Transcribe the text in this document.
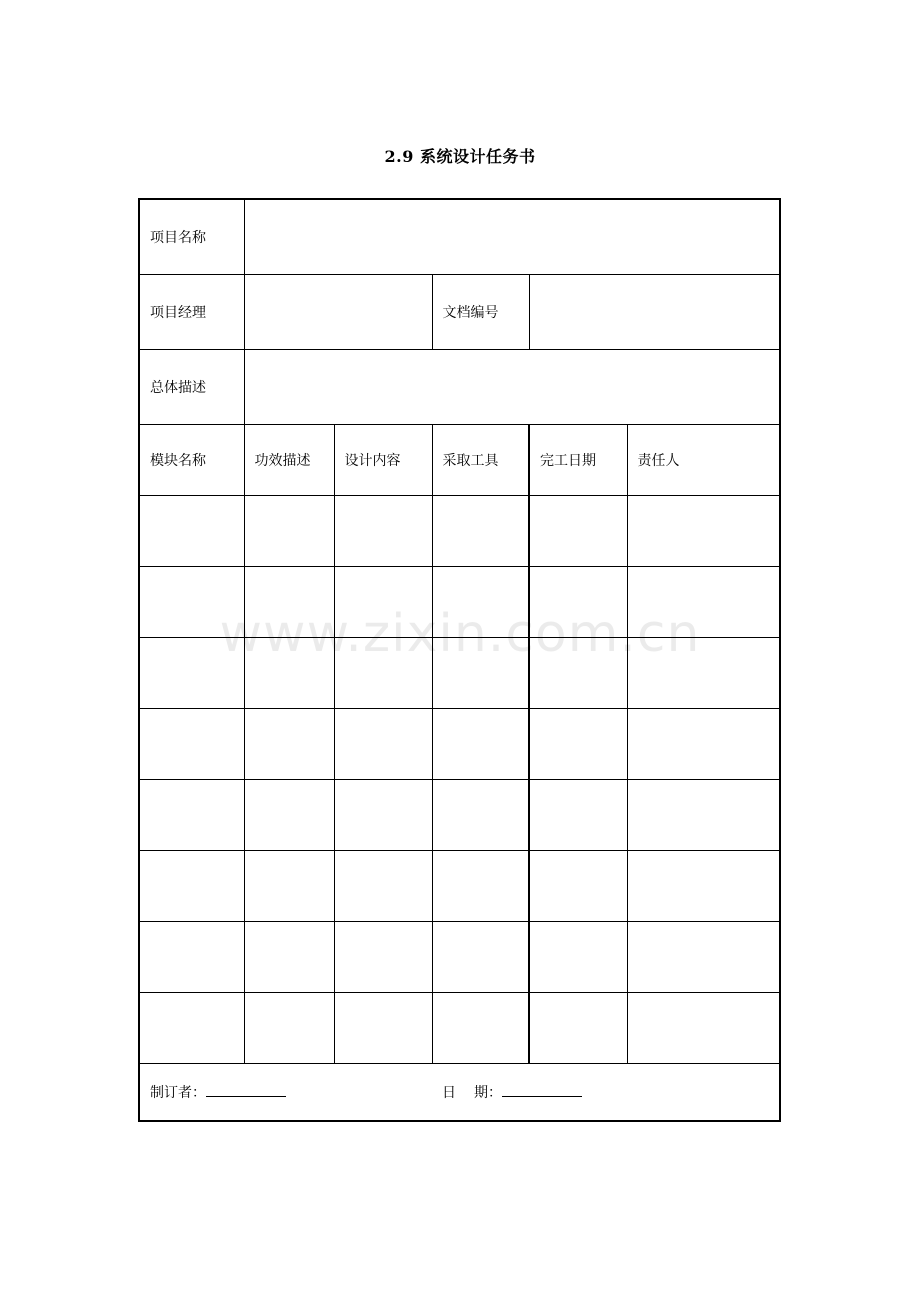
2.9 系统设计任务书
www.zixin.com.cn
项目名称					
项目经理			文档编号		
总体描述					
模块名称	功效描述	设计内容	采取工具	完工日期	责任人

制订者： 日 期：					
